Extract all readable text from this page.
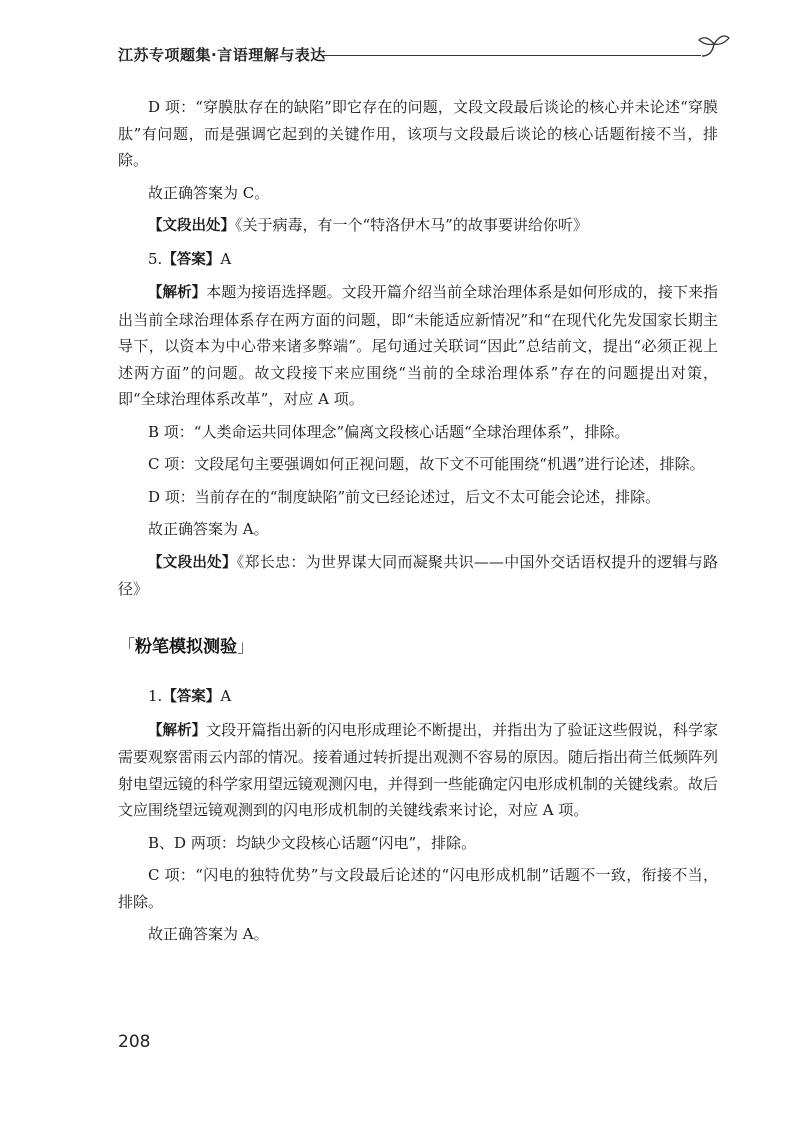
江苏专项题集·言语理解与表达

D 项：“穿膜肽存在的缺陷”即它存在的问题，文段文段最后谈论的核心并未论述“穿膜肽”有问题，而是强调它起到的关键作用，该项与文段最后谈论的核心话题衔接不当，排除。

故正确答案为 C。

【文段出处】《关于病毒，有一个“特洛伊木马”的故事要讲给你听》

5.【答案】A

【解析】本题为接语选择题。文段开篇介绍当前全球治理体系是如何形成的，接下来指出当前全球治理体系存在两方面的问题，即“未能适应新情况”和“在现代化先发国家长期主导下，以资本为中心带来诸多弊端”。尾句通过关联词“因此”总结前文，提出“必须正视上述两方面”的问题。故文段接下来应围绕“当前的全球治理体系”存在的问题提出对策，即“全球治理体系改革”，对应 A 项。

B 项：“人类命运共同体理念”偏离文段核心话题“全球治理体系”，排除。

C 项：文段尾句主要强调如何正视问题，故下文不可能围绕“机遇”进行论述，排除。

D 项：当前存在的“制度缺陷”前文已经论述过，后文不太可能会论述，排除。

故正确答案为 A。

【文段出处】《郑长忠：为世界谋大同而凝聚共识——中国外交话语权提升的逻辑与路径》

「粉笔模拟测验」

1.【答案】A

【解析】文段开篇指出新的闪电形成理论不断提出，并指出为了验证这些假说，科学家需要观察雷雨云内部的情况。接着通过转折提出观测不容易的原因。随后指出荷兰低频阵列射电望远镜的科学家用望远镜观测闪电，并得到一些能确定闪电形成机制的关键线索。故后文应围绕望远镜观测到的闪电形成机制的关键线索来讨论，对应 A 项。

B、D 两项：均缺少文段核心话题“闪电”，排除。

C 项：“闪电的独特优势”与文段最后论述的“闪电形成机制”话题不一致，衔接不当，排除。

故正确答案为 A。

208
